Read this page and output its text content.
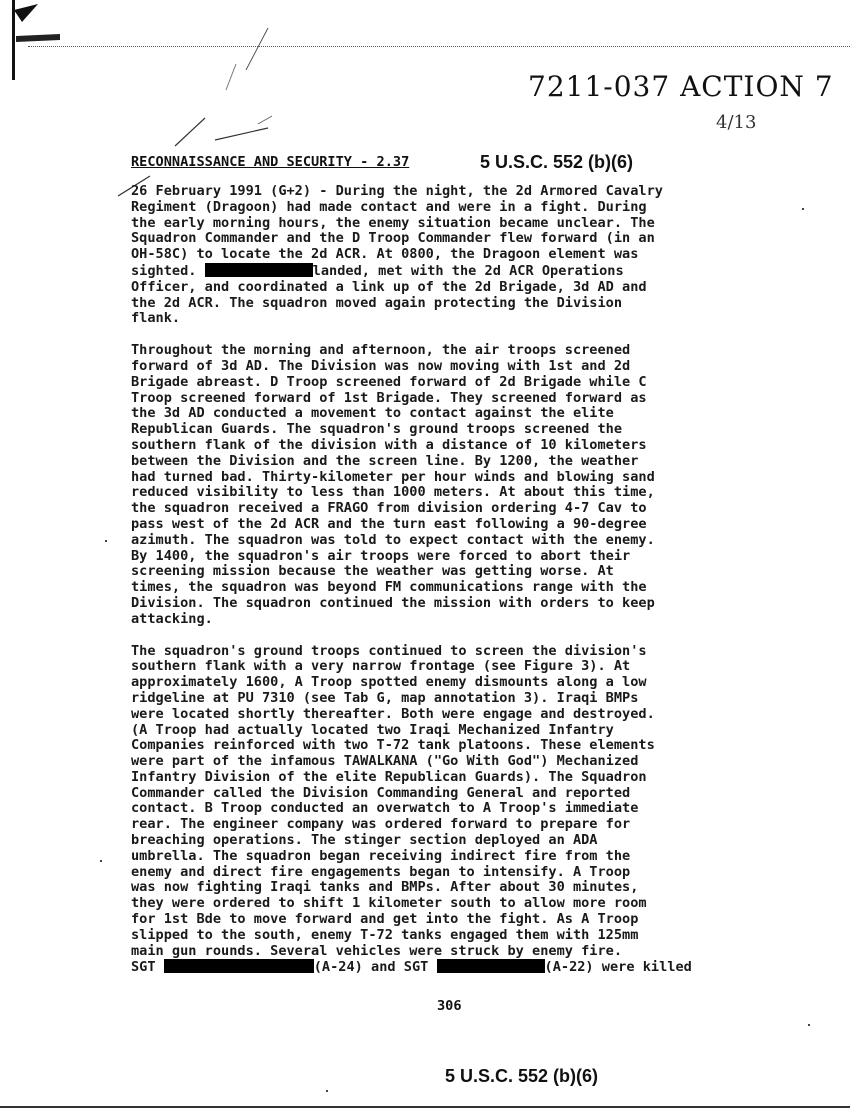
7211-037 ACTION 7
4/13
RECONNAISSANCE AND SECURITY - 2.37	5 U.S.C. 552 (b)(6)

26 February 1991 (G+2) - During the night, the 2d Armored Cavalry
Regiment (Dragoon) had made contact and were in a fight. During
the early morning hours, the enemy situation became unclear. The
Squadron Commander and the D Troop Commander flew forward (in an
OH-58C) to locate the 2d ACR. At 0800, the Dragoon element was
sighted.	landed, met with the 2d ACR Operations
Officer, and coordinated a link up of the 2d Brigade, 3d AD and
the 2d ACR. The squadron moved again protecting the Division
flank.

Throughout the morning and afternoon, the air troops screened
forward of 3d AD. The Division was now moving with 1st and 2d
Brigade abreast. D Troop screened forward of 2d Brigade while C
Troop screened forward of 1st Brigade. They screened forward as
the 3d AD conducted a movement to contact against the elite
Republican Guards. The squadron's ground troops screened the
southern flank of the division with a distance of 10 kilometers
between the Division and the screen line. By 1200, the weather
had turned bad. Thirty-kilometer per hour winds and blowing sand
reduced visibility to less than 1000 meters. At about this time,
the squadron received a FRAGO from division ordering 4-7 Cav to
pass west of the 2d ACR and the turn east following a 90-degree
azimuth. The squadron was told to expect contact with the enemy.
By 1400, the squadron's air troops were forced to abort their
screening mission because the weather was getting worse. At
times, the squadron was beyond FM communications range with the
Division. The squadron continued the mission with orders to keep
attacking.

The squadron's ground troops continued to screen the division's
southern flank with a very narrow frontage (see Figure 3). At
approximately 1600, A Troop spotted enemy dismounts along a low
ridgeline at PU 7310 (see Tab G, map annotation 3). Iraqi BMPs
were located shortly thereafter. Both were engage and destroyed.
(A Troop had actually located two Iraqi Mechanized Infantry
Companies reinforced with two T-72 tank platoons. These elements
were part of the infamous TAWALKANA ("Go With God") Mechanized
Infantry Division of the elite Republican Guards). The Squadron
Commander called the Division Commanding General and reported
contact. B Troop conducted an overwatch to A Troop's immediate
rear. The engineer company was ordered forward to prepare for
breaching operations. The stinger section deployed an ADA
umbrella. The squadron began receiving indirect fire from the
enemy and direct fire engagements began to intensify. A Troop
was now fighting Iraqi tanks and BMPs. After about 30 minutes,
they were ordered to shift 1 kilometer south to allow more room
for 1st Bde to move forward and get into the fight. As A Troop
slipped to the south, enemy T-72 tanks engaged them with 125mm
main gun rounds. Several vehicles were struck by enemy fire.
SGT	(A-24) and SGT	(A-22) were killed

306
5 U.S.C. 552 (b)(6)
